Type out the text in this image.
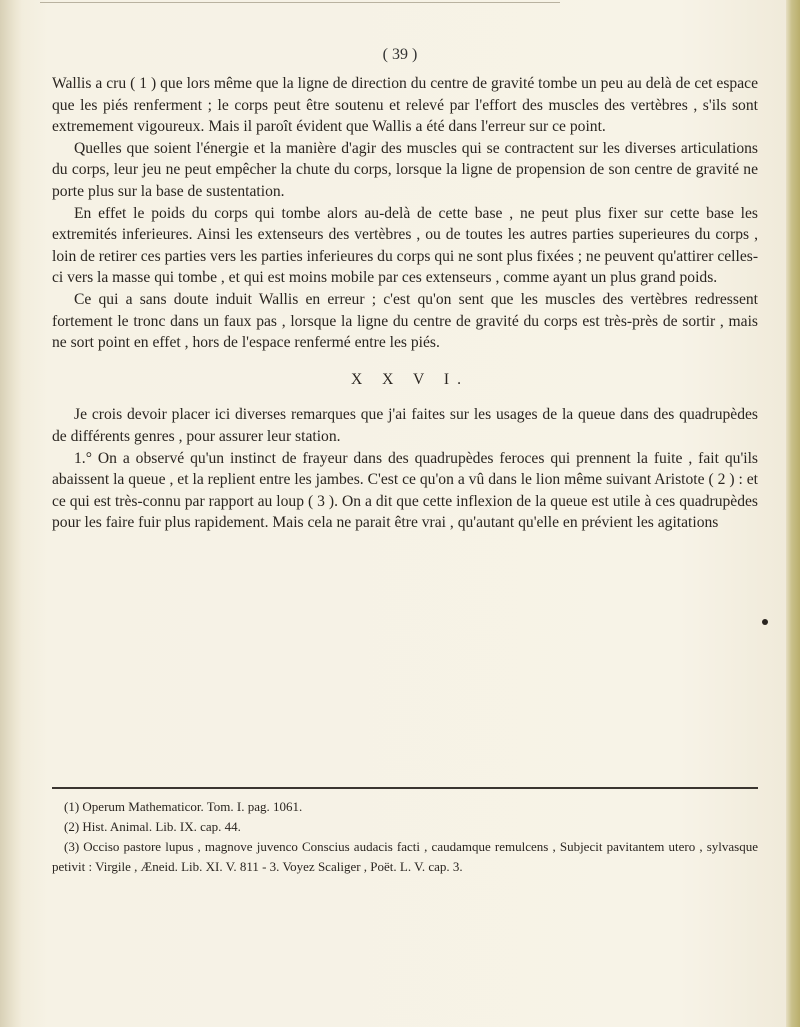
( 39 )

Wallis a cru ( 1 ) que lors même que la ligne de direction du centre de gravité tombe un peu au delà de cet espace que les piés renferment ; le corps peut être soutenu et relevé par l'effort des muscles des vertèbres , s'ils sont extremement vigoureux. Mais il paroît évident que Wallis a été dans l'erreur sur ce point.

Quelles que soient l'énergie et la manière d'agir des muscles qui se contractent sur les diverses articulations du corps, leur jeu ne peut empêcher la chute du corps, lorsque la ligne de propension de son centre de gravité ne porte plus sur la base de sustentation.

En effet le poids du corps qui tombe alors au-delà de cette base , ne peut plus fixer sur cette base les extremités inferieures. Ainsi les extenseurs des vertèbres , ou de toutes les autres parties superieures du corps , loin de retirer ces parties vers les parties inferieures du corps qui ne sont plus fixées ; ne peuvent qu'attirer celles-ci vers la masse qui tombe , et qui est moins mobile par ces extenseurs , comme ayant un plus grand poids.

Ce qui a sans doute induit Wallis en erreur ; c'est qu'on sent que les muscles des vertèbres redressent fortement le tronc dans un faux pas , lorsque la ligne du centre de gravité du corps est très-près de sortir , mais ne sort point en effet , hors de l'espace renfermé entre les piés.

X X V I.

Je crois devoir placer ici diverses remarques que j'ai faites sur les usages de la queue dans des quadrupèdes de différents genres , pour assurer leur station.

1.° On a observé qu'un instinct de frayeur dans des quadrupèdes feroces qui prennent la fuite , fait qu'ils abaissent la queue , et la replient entre les jambes. C'est ce qu'on a vû dans le lion même suivant Aristote ( 2 ) : et ce qui est très-connu par rapport au loup ( 3 ). On a dit que cette inflexion de la queue est utile à ces quadrupèdes pour les faire fuir plus rapidement. Mais cela ne parait être vrai , qu'autant qu'elle en prévient les agitations

(1) Operum Mathematicor. Tom. I. pag. 1061.

(2) Hist. Animal. Lib. IX. cap. 44.

(3) Occiso pastore lupus , magnove juvenco Conscius audacis facti , caudamque remulcens , Subjecit pavitantem utero , sylvasque petivit : Virgile , Æneid. Lib. XI. V. 811 - 3. Voyez Scaliger , Poët. L. V. cap. 3.
